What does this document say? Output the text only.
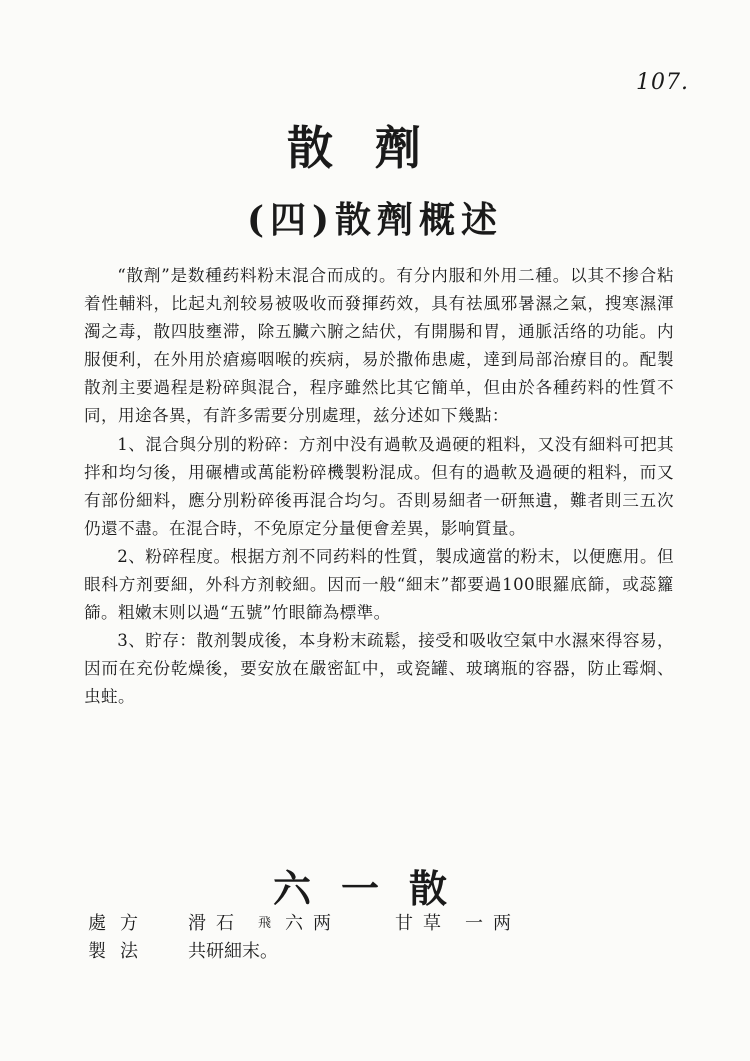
107.
散劑
(四)散劑概述

“散劑”是数種药料粉末混合而成的。有分内服和外用二種。以其不掺合粘着性輔料，比起丸剂较易被吸收而發揮药效，具有祛風邪暑濕之氣，搜寒濕渾濁之毒，散四肢壅滞，除五臟六腑之結伏，有開腸和胃，通脈活络的功能。内服便利，在外用於瘡瘍咽喉的疾病，易於撒佈患處，達到局部治療目的。配製散剂主要過程是粉碎與混合，程序雖然比其它簡单，但由於各種药料的性質不同，用途各異，有許多需要分別處理，兹分述如下幾點：

1、混合與分別的粉碎：方剂中没有過軟及過硬的粗料，又没有細料可把其拌和均匀後，用碾槽或萬能粉碎機製粉混成。但有的過軟及過硬的粗料，而又有部份細料，應分別粉碎後再混合均匀。否則易細者一研無遺，難者則三五次仍還不盡。在混合時，不免原定分量便會差異，影响質量。

2、粉碎程度。根据方剂不同药料的性質，製成適當的粉末，以便應用。但眼科方剂要細，外科方剂較細。因而一般“細末”都要過100眼羅底篩，或蕊籮篩。粗嫩末则以過“五號”竹眼篩為標準。

3、貯存：散剂製成後，本身粉末疏鬆，接受和吸收空氣中水濕來得容易，因而在充份乾燥後，要安放在嚴密缸中，或瓷罐、玻璃瓶的容器，防止霉烱、虫蛀。

六一散
處方	滑石 飛 六两	甘草 一两
製法	共研細末。
